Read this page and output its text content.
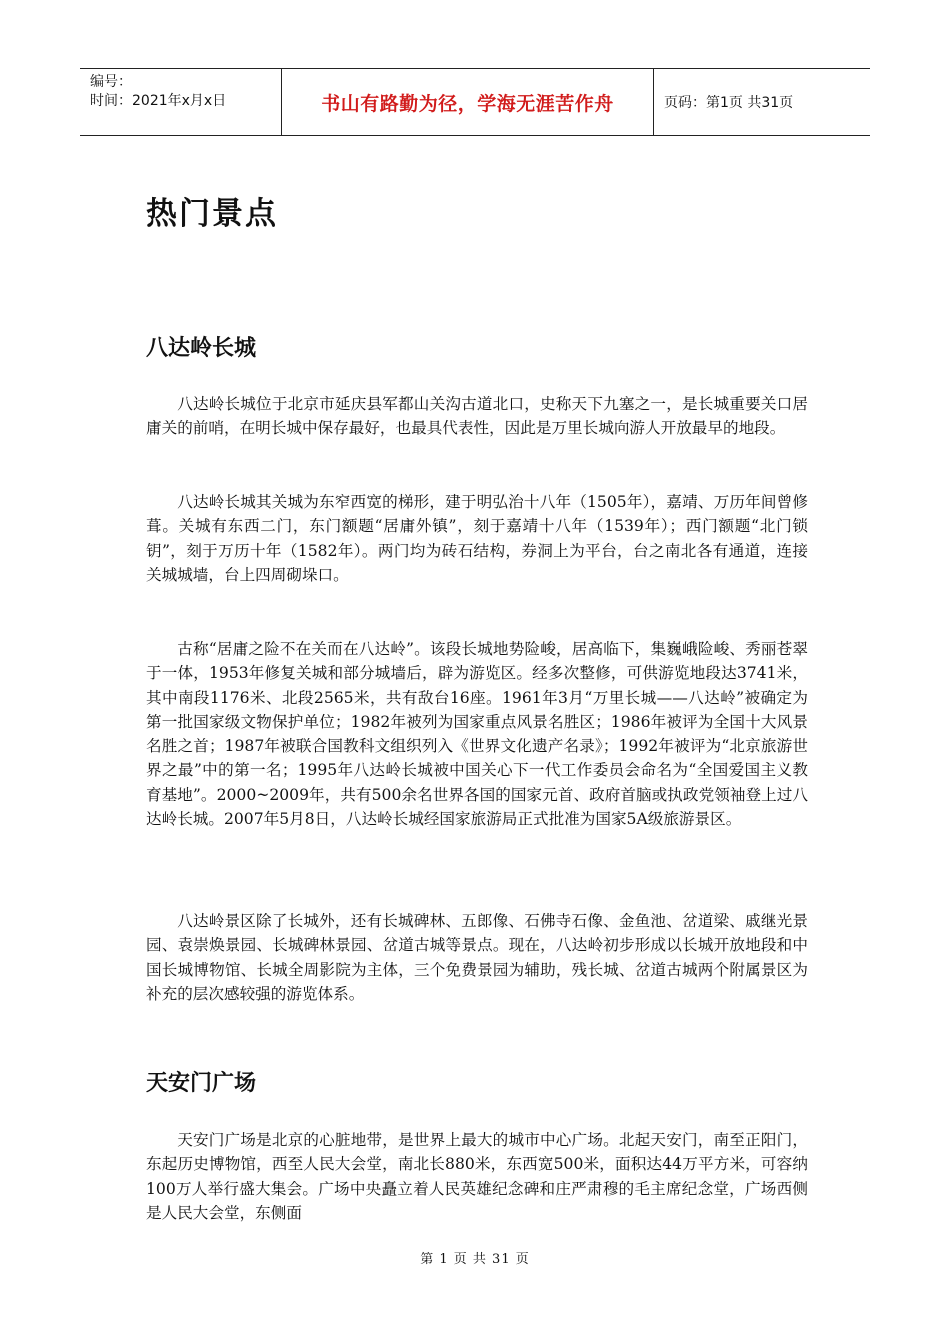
编号：
时间：2021年x月x日	书山有路勤为径，学海无涯苦作舟	页码：第1页 共31页
热门景点
八达岭长城

八达岭长城位于北京市延庆县军都山关沟古道北口，史称天下九塞之一，是长城重要关口居庸关的前哨，在明长城中保存最好，也最具代表性，因此是万里长城向游人开放最早的地段。

八达岭长城其关城为东窄西宽的梯形，建于明弘治十八年（1505年），嘉靖、万历年间曾修葺。关城有东西二门，东门额题“居庸外镇”，刻于嘉靖十八年（1539年）；西门额题“北门锁钥”，刻于万历十年（1582年）。两门均为砖石结构，券洞上为平台，台之南北各有通道，连接关城城墙，台上四周砌垛口。

古称“居庸之险不在关而在八达岭”。该段长城地势险峻，居高临下，集巍峨险峻、秀丽苍翠于一体，1953年修复关城和部分城墙后，辟为游览区。经多次整修，可供游览地段达3741米，其中南段1176米、北段2565米，共有敌台16座。1961年3月“万里长城——八达岭”被确定为第一批国家级文物保护单位；1982年被列为国家重点风景名胜区；1986年被评为全国十大风景名胜之首；1987年被联合国教科文组织列入《世界文化遗产名录》；1992年被评为“北京旅游世界之最”中的第一名；1995年八达岭长城被中国关心下一代工作委员会命名为“全国爱国主义教育基地”。2000~2009年，共有500余名世界各国的国家元首、政府首脑或执政党领袖登上过八达岭长城。2007年5月8日，八达岭长城经国家旅游局正式批准为国家5A级旅游景区。

八达岭景区除了长城外，还有长城碑林、五郎像、石佛寺石像、金鱼池、岔道梁、戚继光景园、袁崇焕景园、长城碑林景园、岔道古城等景点。现在，八达岭初步形成以长城开放地段和中国长城博物馆、长城全周影院为主体，三个免费景园为辅助，残长城、岔道古城两个附属景区为补充的层次感较强的游览体系。

天安门广场

天安门广场是北京的心脏地带，是世界上最大的城市中心广场。北起天安门，南至正阳门，东起历史博物馆，西至人民大会堂，南北长880米，东西宽500米，面积达44万平方米，可容纳100万人举行盛大集会。广场中央矗立着人民英雄纪念碑和庄严肃穆的毛主席纪念堂，广场西侧是人民大会堂，东侧面

第 1 页 共 31 页
